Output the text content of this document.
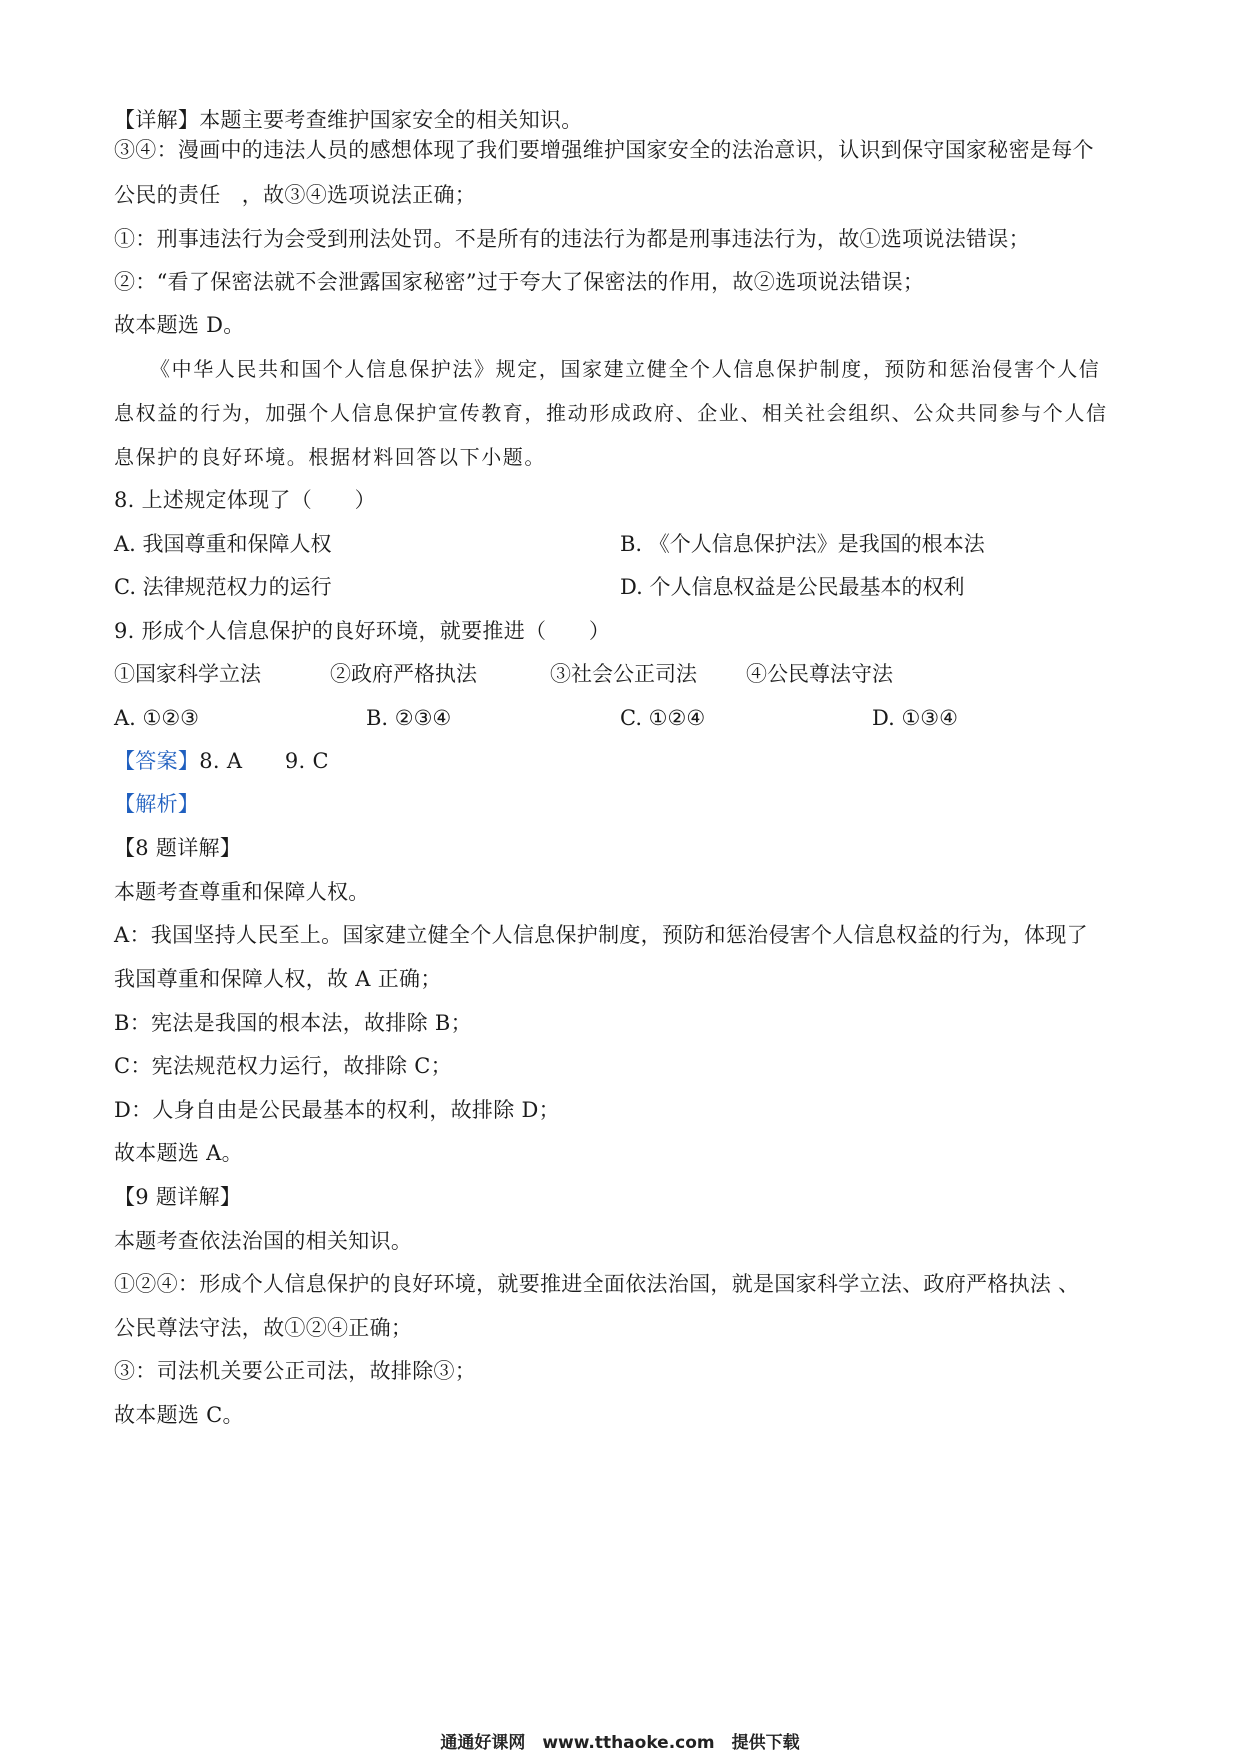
【详解】本题主要考查维护国家安全的相关知识。
③④：漫画中的违法人员的感想体现了我们要增强维护国家安全的法治意识，认识到保守国家秘密是每个
公民的责任　，故③④选项说法正确；
①：刑事违法行为会受到刑法处罚。不是所有的违法行为都是刑事违法行为，故①选项说法错误；
②：“看了保密法就不会泄露国家秘密”过于夸大了保密法的作用，故②选项说法错误；
故本题选 D。
《中华人民共和国个人信息保护法》规定，国家建立健全个人信息保护制度，预防和惩治侵害个人信
息权益的行为，加强个人信息保护宣传教育，推动形成政府、企业、相关社会组织、公众共同参与个人信
息保护的良好环境。根据材料回答以下小题。
8. 上述规定体现了（　　）
A. 我国尊重和保障人权	B. 《个人信息保护法》是我国的根本法
C. 法律规范权力的运行	D. 个人信息权益是公民最基本的权利
9. 形成个人信息保护的良好环境，就要推进（　　）
①国家科学立法	②政府严格执法	③社会公正司法 ④公民尊法守法
A. ①②③	B. ②③④	C. ①②④	D. ①③④
【答案】8. A　　9. C
【解析】
【8 题详解】
本题考查尊重和保障人权。
A：我国坚持人民至上。国家建立健全个人信息保护制度，预防和惩治侵害个人信息权益的行为，体现了
我国尊重和保障人权，故 A 正确；
B：宪法是我国的根本法，故排除 B；
C：宪法规范权力运行，故排除 C；
D：人身自由是公民最基本的权利，故排除 D；
故本题选 A。
【9 题详解】
本题考查依法治国的相关知识。
①②④：形成个人信息保护的良好环境，就要推进全面依法治国，就是国家科学立法、政府严格执法 、
公民尊法守法，故①②④正确；
③：司法机关要公正司法，故排除③；
故本题选 C。
通通好课网　www.tthaoke.com　提供下载
